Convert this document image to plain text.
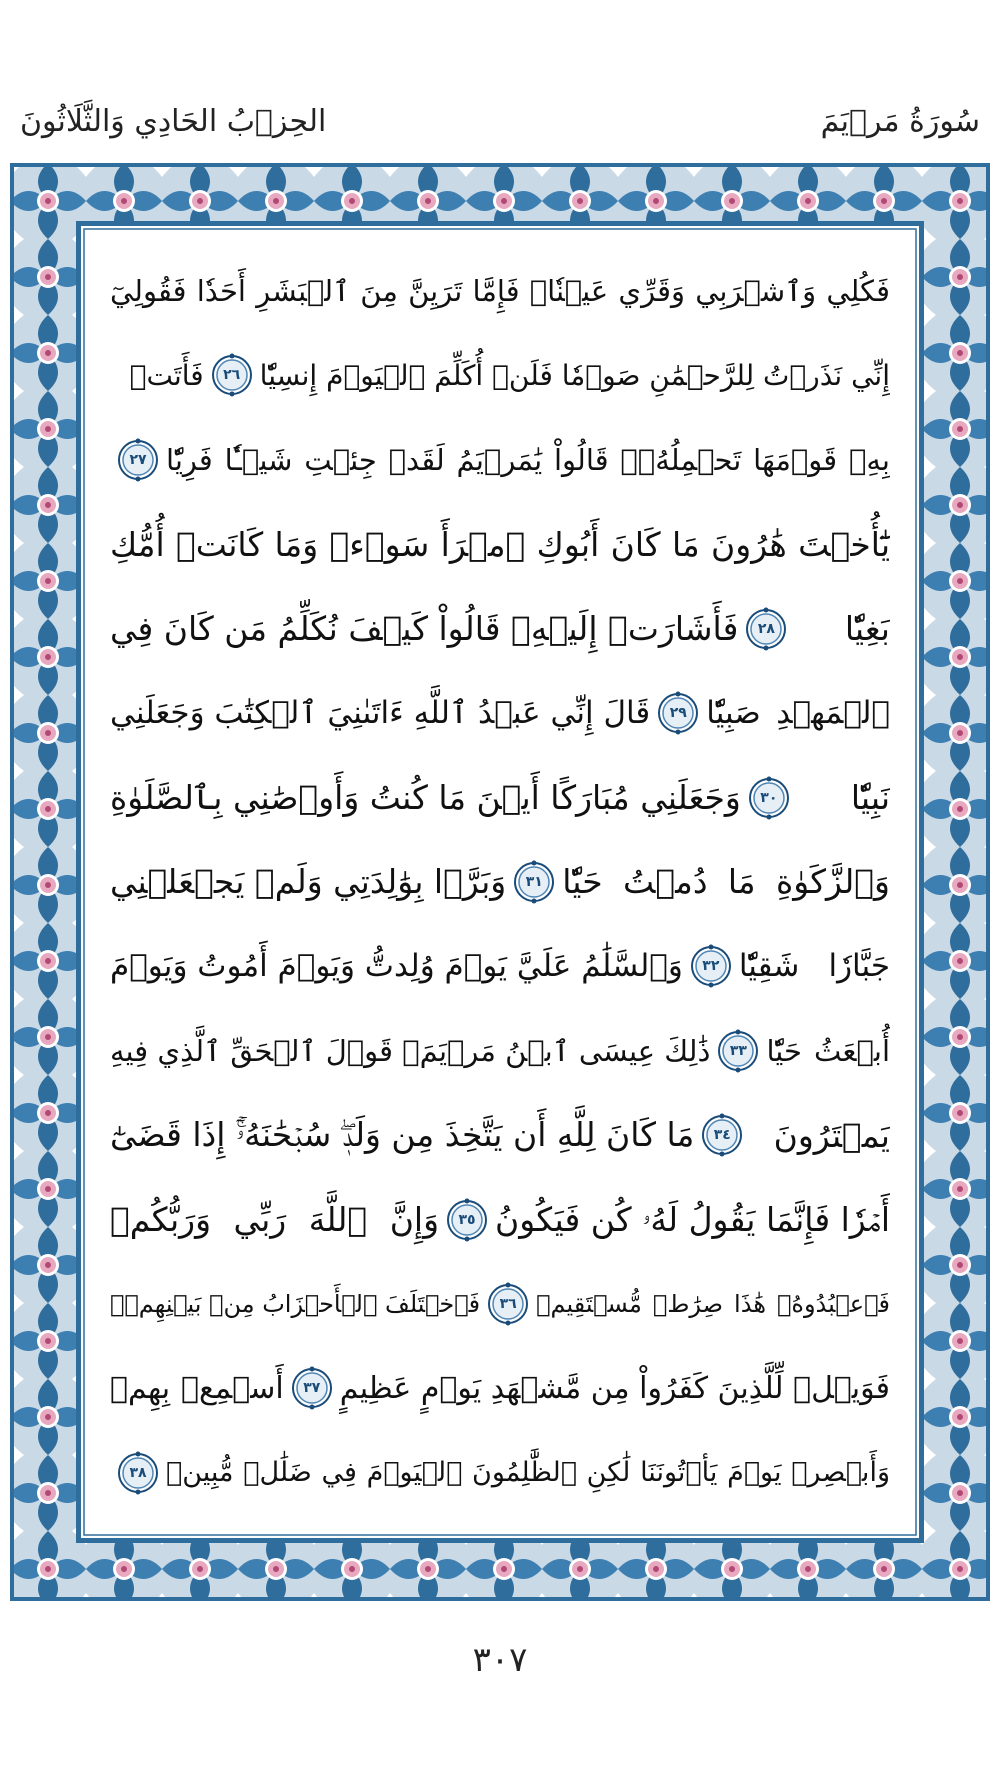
سُورَةُ مَرۡيَمَ
الحِزۡبُ الحَادِي وَالثَّلَاثُونَ
فَكُلِي وَٱشۡرَبِي وَقَرِّي عَيۡنٗاۖ فَإِمَّا تَرَيِنَّ مِنَ ٱلۡبَشَرِ أَحَدٗا فَقُولِيٓ
إِنِّي نَذَرۡتُ لِلرَّحۡمَٰنِ صَوۡمٗا فَلَنۡ أُكَلِّمَ ٱلۡيَوۡمَ إِنسِيّٗا
٢٦
فَأَتَتۡ
بِهِۦ قَوۡمَهَا تَحۡمِلُهُۥۖ قَالُواْ يَٰمَرۡيَمُ لَقَدۡ جِئۡتِ شَيۡـٔٗا فَرِيّٗا
٢٧
يَٰٓأُخۡتَ هَٰرُونَ مَا كَانَ أَبُوكِ ٱمۡرَأَ سَوۡءٖ وَمَا كَانَتۡ أُمُّكِ
بَغِيّٗا
٢٨
فَأَشَارَتۡ إِلَيۡهِۖ قَالُواْ كَيۡفَ نُكَلِّمُ مَن كَانَ فِي
ٱلۡمَهۡدِ صَبِيّٗا
٢٩
قَالَ إِنِّي عَبۡدُ ٱللَّهِ ءَاتَىٰنِيَ ٱلۡكِتَٰبَ وَجَعَلَنِي
نَبِيّٗا
٣٠
وَجَعَلَنِي مُبَارَكًا أَيۡنَ مَا كُنتُ وَأَوۡصَٰنِي بِٱلصَّلَوٰةِ
وَٱلزَّكَوٰةِ مَا دُمۡتُ حَيّٗا
٣١
وَبَرَّۢا بِوَٰلِدَتِي وَلَمۡ يَجۡعَلۡنِي
جَبَّارٗا شَقِيّٗا
٣٢
وَٱلسَّلَٰمُ عَلَيَّ يَوۡمَ وُلِدتُّ وَيَوۡمَ أَمُوتُ وَيَوۡمَ
أُبۡعَثُ حَيّٗا
٣٣
ذَٰلِكَ عِيسَى ٱبۡنُ مَرۡيَمَۖ قَوۡلَ ٱلۡحَقِّ ٱلَّذِي فِيهِ
يَمۡتَرُونَ
٣٤
مَا كَانَ لِلَّهِ أَن يَتَّخِذَ مِن وَلَدٖۖ سُبۡحَٰنَهُۥٓۚ إِذَا قَضَىٰٓ
أَمۡرٗا فَإِنَّمَا يَقُولُ لَهُۥ كُن فَيَكُونُ
٣٥
وَإِنَّ ٱللَّهَ رَبِّي وَرَبُّكُمۡ
فَٱعۡبُدُوهُۚ هَٰذَا صِرَٰطٞ مُّسۡتَقِيمٞ
٣٦
فَٱخۡتَلَفَ ٱلۡأَحۡزَابُ مِنۢ بَيۡنِهِمۡۖ
فَوَيۡلٞ لِّلَّذِينَ كَفَرُواْ مِن مَّشۡهَدِ يَوۡمٍ عَظِيمٍ
٣٧
أَسۡمِعۡ بِهِمۡ
وَأَبۡصِرۡ يَوۡمَ يَأۡتُونَنَا لَٰكِنِ ٱلظَّٰلِمُونَ ٱلۡيَوۡمَ فِي ضَلَٰلٖ مُّبِينٖ
٣٨
٣٠٧
